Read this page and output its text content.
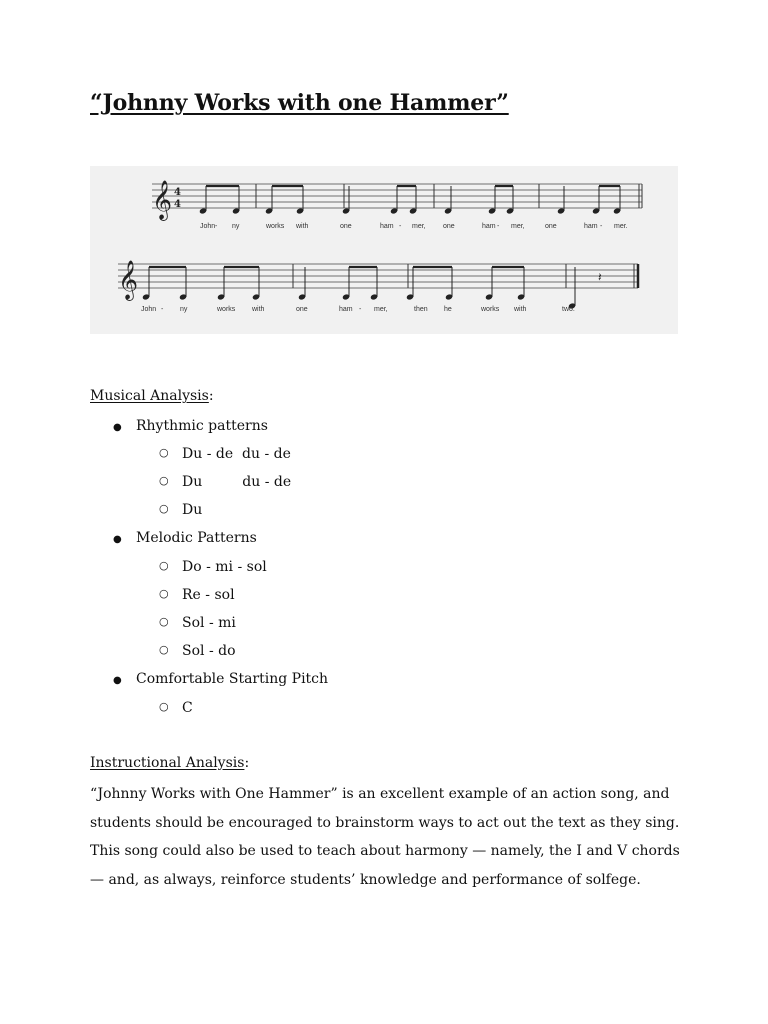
“Johnny Works with one Hammer”
𝄞 4
4
John - ny	works with	one	ham - mer, one	ham - mer,	one	ham - mer.
𝄞	𝄽
John - ny	works with	one	ham - mer,	then he	works with	two.
Musical Analysis:
● Rhythmic patterns
○ Du - de  du - de
○ Du         du - de
○ Du
● Melodic Patterns
○ Do - mi - sol
○ Re - sol
○ Sol - mi
○ Sol - do
● Comfortable Starting Pitch
○ C
Instructional Analysis:
“Johnny Works with One Hammer” is an excellent example of an action song, and students should be encouraged to brainstorm ways to act out the text as they sing. This song could also be used to teach about harmony — namely, the I and V chords — and, as always, reinforce students’ knowledge and performance of solfege.
